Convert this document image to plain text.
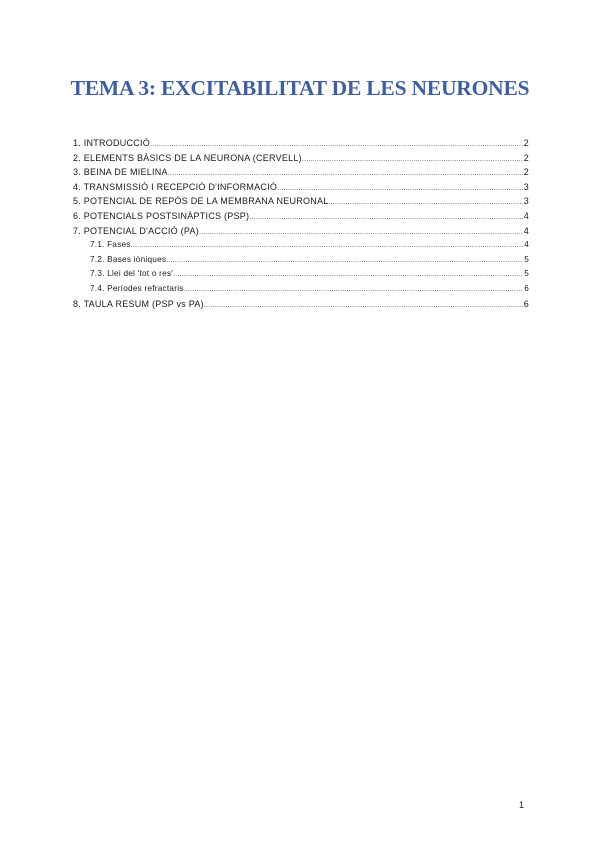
TEMA 3: EXCITABILITAT DE LES NEURONES
1. INTRODUCCIÓ .....	2
2. ELEMENTS BÀSICS DE LA NEURONA (CERVELL) .....	2
3. BEINA DE MIELINA .....	2
4. TRANSMISSIÓ I RECEPCIÓ D'INFORMACIÓ .....	3
5. POTENCIAL DE REPÒS DE LA MEMBRANA NEURONAL .....	3
6. POTENCIALS POSTSINÀPTICS (PSP) .....	4
7. POTENCIAL D'ACCIÓ (PA) .....	4
7.1. Fases .....	4
7.2. Bases iòniques .....	5
7.3. Llei del 'tot o res' .....	5
7.4. Períodes refractaris .....	6
8. TAULA RESUM (PSP vs PA) .....	6
1
